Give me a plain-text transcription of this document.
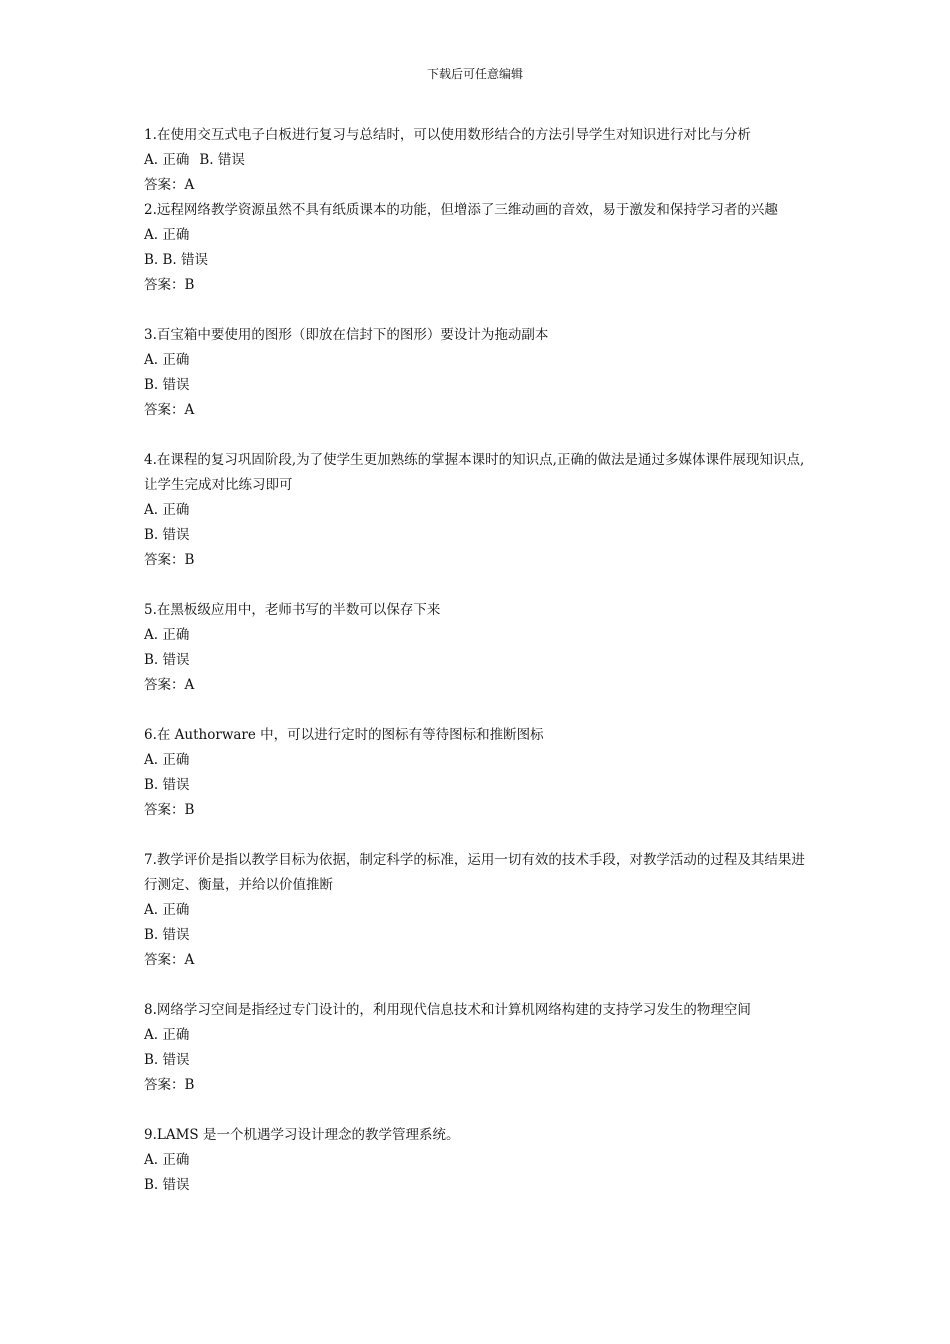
下载后可任意编辑
1.在使用交互式电子白板进行复习与总结时，可以使用数形结合的方法引导学生对知识进行对比与分析
A. 正确 B. 错误
答案：A
2.远程网络教学资源虽然不具有纸质课本的功能，但增添了三维动画的音效，易于激发和保持学习者的兴趣
A. 正确
B. B. 错误
答案：B
3.百宝箱中要使用的图形（即放在信封下的图形）要设计为拖动副本
A. 正确
B. 错误
答案：A
4.在课程的复习巩固阶段,为了使学生更加熟练的掌握本课时的知识点,正确的做法是通过多媒体课件展现知识点,让学生完成对比练习即可
A. 正确
B. 错误
答案：B
5.在黑板级应用中，老师书写的半数可以保存下来
A. 正确
B. 错误
答案：A
6.在 Authorware 中，可以进行定时的图标有等待图标和推断图标
A. 正确
B. 错误
答案：B
7.教学评价是指以教学目标为依据，制定科学的标准，运用一切有效的技术手段，对教学活动的过程及其结果进行测定、衡量，并给以价值推断
A. 正确
B. 错误
答案：A
8.网络学习空间是指经过专门设计的，利用现代信息技术和计算机网络构建的支持学习发生的物理空间
A. 正确
B. 错误
答案：B
9.LAMS 是一个机遇学习设计理念的教学管理系统。
A. 正确
B. 错误
